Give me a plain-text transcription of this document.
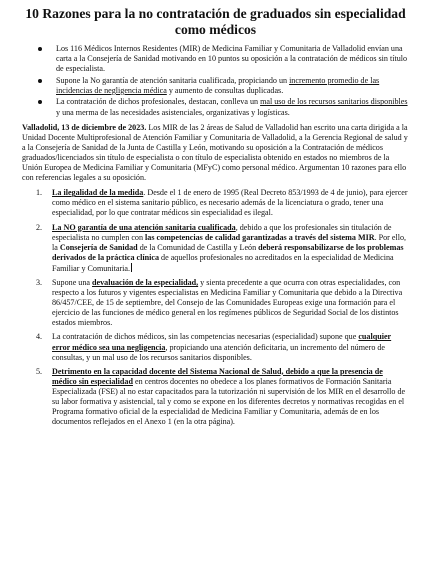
10 Razones para la no contratación de graduados sin especialidad como médicos
Los 116 Médicos Internos Residentes (MIR) de Medicina Familiar y Comunitaria de Valladolid envían una carta a la Consejería de Sanidad motivando en 10 puntos su oposición a la contratación de médicos sin título de especialista.
Supone la No garantía de atención sanitaria cualificada, propiciando un incremento promedio de las incidencias de negligencia médica y aumento de consultas duplicadas.
La contratación de dichos profesionales, destacan, conlleva un mal uso de los recursos sanitarios disponibles y una merma de las necesidades asistenciales, organizativas y logísticas.

Valladolid, 13 de diciembre de 2023. Los MIR de las 2 áreas de Salud de Valladolid han escrito una carta dirigida a la Unidad Docente Multiprofesional de Atención Familiar y Comunitaria de Valladolid, a la Gerencia Regional de salud y a la Consejería de Sanidad de la Junta de Castilla y León, motivando su oposición a la Contratación de médicos graduados/licenciados sin título de especialista o con título de especialista obtenido en estados no miembros de la Unión Europea de Medicina Familiar y Comunitaria (MFyC) como personal médico. Argumentan 10 razones para ello con referencias legales a su oposición.

1. La ilegalidad de la medida. Desde el 1 de enero de 1995 (Real Decreto 853/1993 de 4 de junio), para ejercer como médico en el sistema sanitario público, es necesario además de la licenciatura o grado, tener una especialidad, por lo que contratar médicos sin especialidad es ilegal.
2. La NO garantía de una atención sanitaria cualificada, debido a que los profesionales sin titulación de especialista no cumplen con las competencias de calidad garantizadas a través del sistema MIR. Por ello, la Consejería de Sanidad de la Comunidad de Castilla y León deberá responsabilizarse de los problemas derivados de la práctica clínica de aquellos profesionales no acreditados en la especialidad de Medicina Familiar y Comunitaria.
3. Supone una devaluación de la especialidad, y sienta precedente a que ocurra con otras especialidades, con respecto a los futuros y vigentes especialistas en Medicina Familiar y Comunitaria que debido a la Directiva 86/457/CEE, de 15 de septiembre, del Consejo de las Comunidades Europeas exige una formación para el ejercicio de las funciones de médico general en los regímenes públicos de Seguridad Social de los distintos estados miembros.
4. La contratación de dichos médicos, sin las competencias necesarias (especialidad) supone que cualquier error médico sea una negligencia, propiciando una atención deficitaria, un incremento del número de consultas, y un mal uso de los recursos sanitarios disponibles.
5. Detrimento en la capacidad docente del Sistema Nacional de Salud, debido a que la presencia de médico sin especialidad en centros docentes no obedece a los planes formativos de Formación Sanitaria Especializada (FSE) al no estar capacitados para la tutorización ni supervisión de los MIR en el desarrollo de su labor formativa y asistencial, tal y como se expone en los diferentes decretos y normativas recogidas en el Programa formativo oficial de la especialidad de Medicina Familiar y Comunitaria, además de en los documentos reflejados en el Anexo 1 (en la otra página).
